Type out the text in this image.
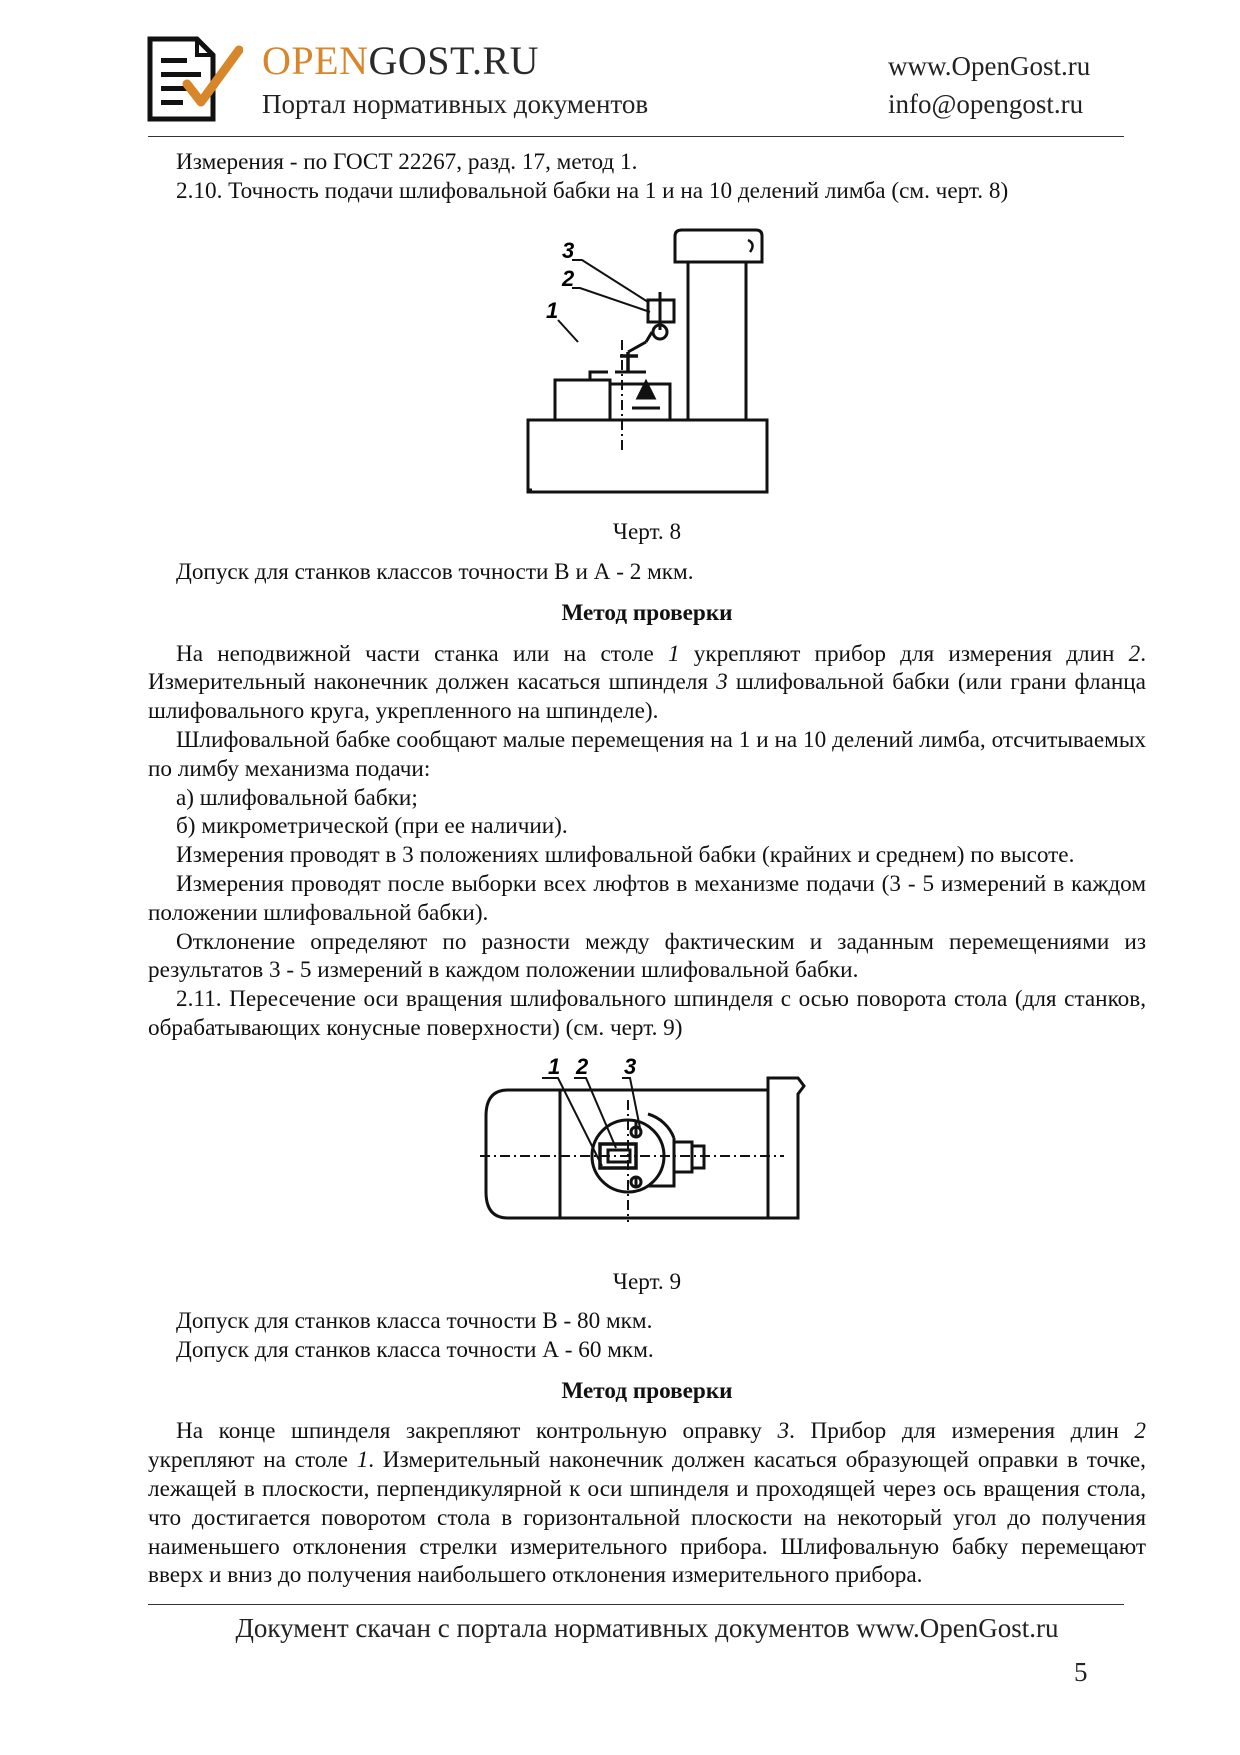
OPENGOST.RU
Портал нормативных документов
www.OpenGost.ru
info@opengost.ru

Измерения - по ГОСТ 22267, разд. 17, метод 1.

2.10. Точность подачи шлифовальной бабки на 1 и на 10 делений лимба (см. черт. 8)

3
2
1
Черт. 8

Допуск для станков классов точности В и А - 2 мкм.

Метод проверки

На неподвижной части станка или на столе 1 укрепляют прибор для измерения длин 2. Измерительный наконечник должен касаться шпинделя 3 шлифовальной бабки (или грани фланца шлифовального круга, укрепленного на шпинделе).

Шлифовальной бабке сообщают малые перемещения на 1 и на 10 делений лимба, отсчитываемых по лимбу механизма подачи:

а) шлифовальной бабки;

б) микрометрической (при ее наличии).

Измерения проводят в 3 положениях шлифовальной бабки (крайних и среднем) по высоте.

Измерения проводят после выборки всех люфтов в механизме подачи (3 - 5 измерений в каждом положении шлифовальной бабки).

Отклонение определяют по разности между фактическим и заданным перемещениями из результатов 3 - 5 измерений в каждом положении шлифовальной бабки.

2.11. Пересечение оси вращения шлифовального шпинделя с осью поворота стола (для станков, обрабатывающих конусные поверхности) (см. черт. 9)

1 2 3
Черт. 9

Допуск для станков класса точности В - 80 мкм.

Допуск для станков класса точности А - 60 мкм.

Метод проверки

На конце шпинделя закрепляют контрольную оправку 3. Прибор для измерения длин 2 укрепляют на столе 1. Измерительный наконечник должен касаться образующей оправки в точке, лежащей в плоскости, перпендикулярной к оси шпинделя и проходящей через ось вращения стола, что достигается поворотом стола в горизонтальной плоскости на некоторый угол до получения наименьшего отклонения стрелки измерительного прибора. Шлифовальную бабку перемещают вверх и вниз до получения наибольшего отклонения измерительного прибора.

Документ скачан с портала нормативных документов www.OpenGost.ru
5
